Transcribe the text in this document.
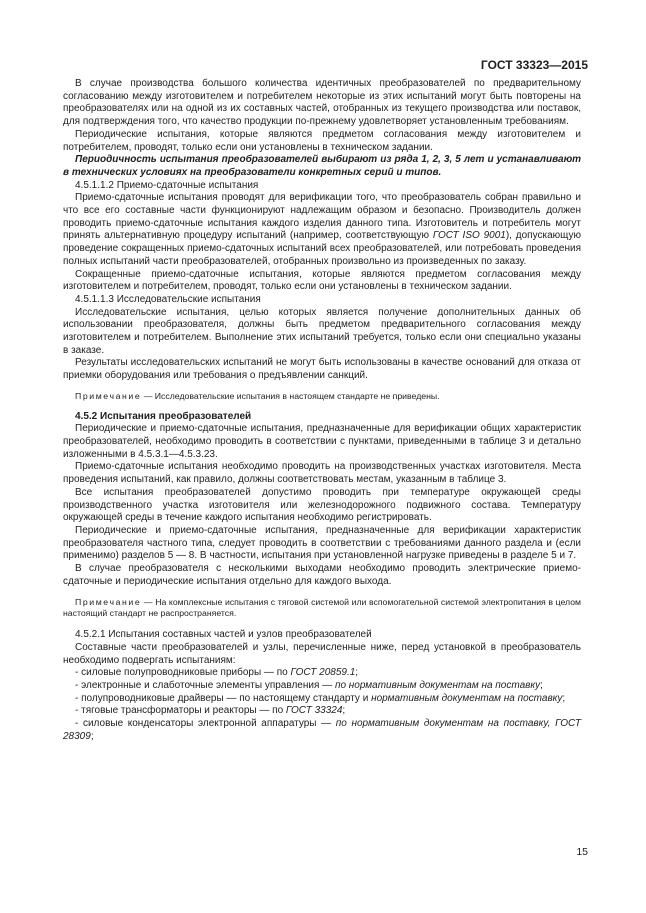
ГОСТ 33323—2015

В случае производства большого количества идентичных преобразователей по предварительному согласованию между изготовителем и потребителем некоторые из этих испытаний могут быть повторены на преобразователях или на одной из их составных частей, отобранных из текущего производства или поставок, для подтверждения того, что качество продукции по-прежнему удовлетворяет установленным требованиям.

Периодические испытания, которые являются предметом согласования между изготовителем и потребителем, проводят, только если они установлены в техническом задании.

Периодичность испытания преобразователей выбирают из ряда 1, 2, 3, 5 лет и устанавливают в технических условиях на преобразователи конкретных серий и типов.

4.5.1.1.2 Приемо-сдаточные испытания

Приемо-сдаточные испытания проводят для верификации того, что преобразователь собран правильно и что все его составные части функционируют надлежащим образом и безопасно. Производитель должен проводить приемо-сдаточные испытания каждого изделия данного типа. Изготовитель и потребитель могут принять альтернативную процедуру испытаний (например, соответствующую ГОСТ ISO 9001), допускающую проведение сокращенных приемо-сдаточных испытаний всех преобразователей, или потребовать проведения полных испытаний части преобразователей, отобранных произвольно из произведенных по заказу.

Сокращенные приемо-сдаточные испытания, которые являются предметом согласования между изготовителем и потребителем, проводят, только если они установлены в техническом задании.

4.5.1.1.3 Исследовательские испытания

Исследовательские испытания, целью которых является получение дополнительных данных об использовании преобразователя, должны быть предметом предварительного согласования между изготовителем и потребителем. Выполнение этих испытаний требуется, только если они специально указаны в заказе.

Результаты исследовательских испытаний не могут быть использованы в качестве оснований для отказа от приемки оборудования или требования о предъявлении санкций.

Примечание — Исследовательские испытания в настоящем стандарте не приведены.

4.5.2 Испытания преобразователей

Периодические и приемо-сдаточные испытания, предназначенные для верификации общих характеристик преобразователей, необходимо проводить в соответствии с пунктами, приведенными в таблице 3 и детально изложенными в 4.5.3.1—4.5.3.23.

Приемо-сдаточные испытания необходимо проводить на производственных участках изготовителя. Места проведения испытаний, как правило, должны соответствовать местам, указанным в таблице 3.

Все испытания преобразователей допустимо проводить при температуре окружающей среды производственного участка изготовителя или железнодорожного подвижного состава. Температуру окружающей среды в течение каждого испытания необходимо регистрировать.

Периодические и приемо-сдаточные испытания, предназначенные для верификации характеристик преобразователя частного типа, следует проводить в соответствии с требованиями данного раздела и (если применимо) разделов 5 — 8. В частности, испытания при установленной нагрузке приведены в разделе 5 и 7.

В случае преобразователя с несколькими выходами необходимо проводить электрические приемо-сдаточные и периодические испытания отдельно для каждого выхода.

Примечание — На комплексные испытания с тяговой системой или вспомогательной системой электропитания в целом настоящий стандарт не распространяется.

4.5.2.1 Испытания составных частей и узлов преобразователей

Составные части преобразователей и узлы, перечисленные ниже, перед установкой в преобразователь необходимо подвергать испытаниям:

- силовые полупроводниковые приборы — по ГОСТ 20859.1;

- электронные и слаботочные элементы управления — по нормативным документам на поставку;

- полупроводниковые драйверы — по настоящему стандарту и нормативным документам на поставку;

- тяговые трансформаторы и реакторы — по ГОСТ 33324;

- силовые конденсаторы электронной аппаратуры — по нормативным документам на поставку, ГОСТ 28309;

15
